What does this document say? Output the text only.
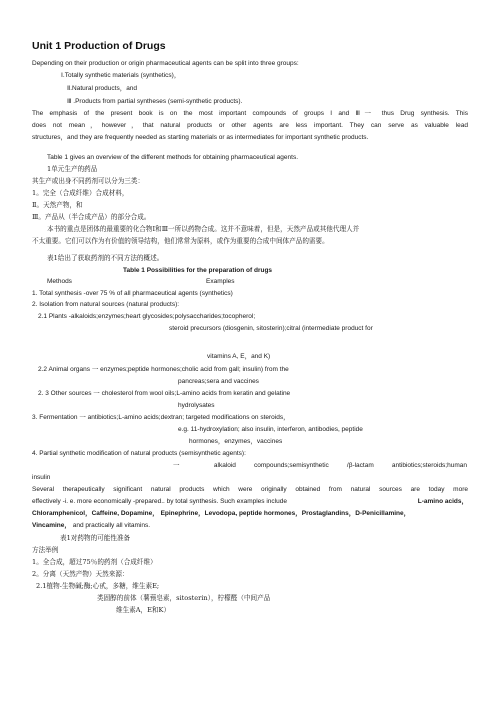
Unit 1 Production of Drugs
Depending on their production or origin pharmaceutical agents can be split into three groups:
Ⅰ.Totally synthetic materials (synthetics)，
Ⅱ.Natural products，and
Ⅲ .Products from partial syntheses (semi-synthetic products).
The emphasis of the present book is on the most important compounds of groups I and Ⅲ一 thus Drug synthesis. This
does not mean，however，that natural products or other agents are less important. They can serve as valuable lead
structures，and they are frequently needed as starting materials or as intermediates for important synthetic products.
Table 1 gives an overview of the different methods for obtaining pharmaceutical agents.
1单元生产的药品
其生产或出身不同药剂可以分为三类：
1。完全（合成纤维）合成材料，
Ⅱ。天然产物，和
Ⅲ。产品从（半合成产品）的部分合成。
本书的重点是团体的最重要的化合物Ⅰ和Ⅲ一所以药物合成。这并不意味着，但是，天然产品或其他代理人并
不太重要。它们可以作为有价值的领导结构，他们常常为原料，或作为重要的合成中间体产品的需要。
表1给出了获取药剂的不同方法的概述。
Table 1 Possibilities for the preparation of drugs
Methods	Examples
1. Total synthesis -over 75 % of all pharmaceutical agents (synthetics)
2. Isolation from natural sources (natural products):
2.1 Plants -alkaloids;enzymes;heart glycosides;polysaccharides;tocopherol;
steroid precursors (diosgenin, sitosterin);citral (intermediate product for
vitamins A, E，and K)
2.2 Animal organs 一 enzymes;peptide hormones;cholic acid from gall; insulin) from the
pancreas;sera and vaccines
2. 3 Other sources 一 cholesterol from wool oils;L-amino acids from keratin and gelatine
hydrolysates
3. Fermentation 一 antibiotics;L-amino acids;dextran; targeted modifications on steroids，
e.g. 11-hydroxylation; also insulin, interferon, antibodies, peptide
hormones，enzymes，vaccines
4. Partial synthetic modification of natural products (semisynthetic agents):
一 alkaloid compounds;semisynthetic /β-lactam antibiotics;steroids;human
insulin
Several therapeutically significant natural products which were originally obtained from natural sources are today more
effectively -i. e. more economically -prepared.. by total synthesis. Such examples include	L-amino acids，
Chloramphenicol，Caffeine, Dopamine， Epinephrine，Levodopa, peptide hormones，Prostaglandins，D-Penicillamine，
Vincamine， and practically all vitamins.
表1对药物的可能性准备
方法举例
1。全合成，超过75％的药剂（合成纤维）
2。分离（天然产物）天然来源：
2.1植物-生物碱;酶;心甙，多糖，维生素E;
类固醇的前体（薯蓣皂素，sitosterin），柠檬醛（中间产品
维生素A，E和K）
